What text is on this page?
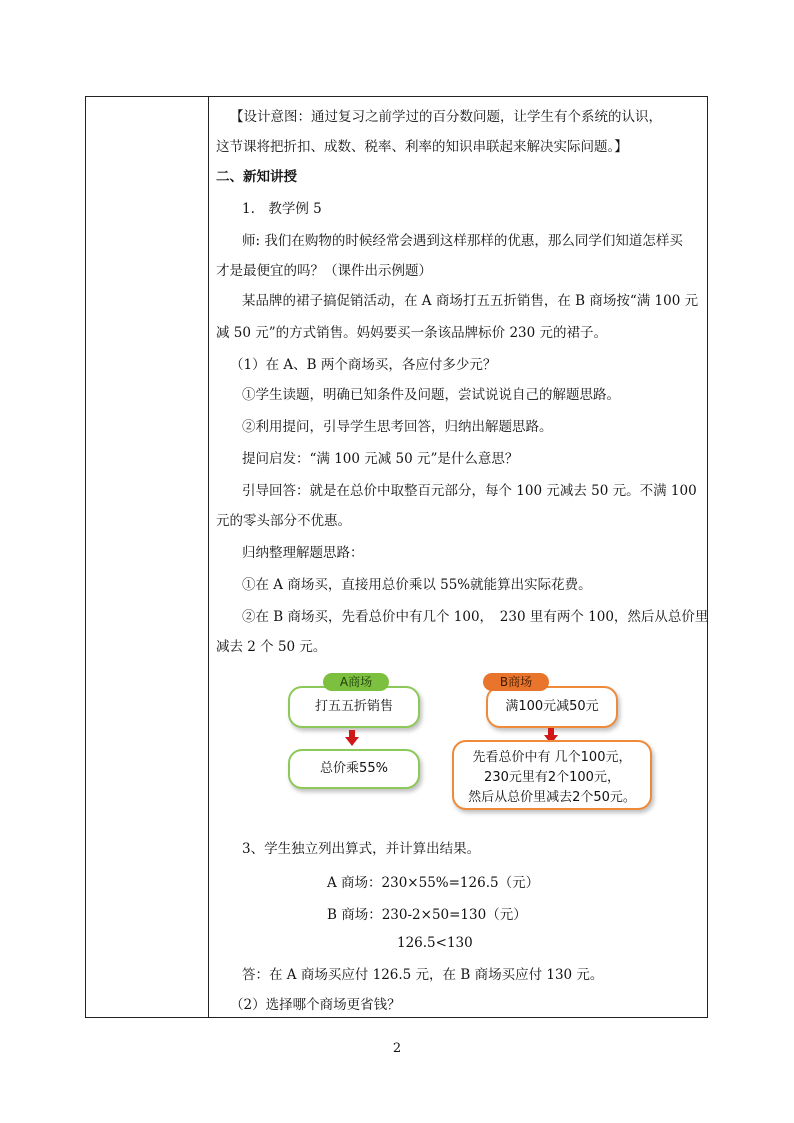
【设计意图：通过复习之前学过的百分数问题，让学生有个系统的认识，
这节课将把折扣、成数、税率、利率的知识串联起来解决实际问题。】
二、新知讲授
1.　教学例 5
师: 我们在购物的时候经常会遇到这样那样的优惠，那么同学们知道怎样买
才是最便宜的吗？（课件出示例题）
某品牌的裙子搞促销活动，在 A 商场打五五折销售，在 B 商场按“满 100 元
减 50 元”的方式销售。妈妈要买一条该品牌标价 230 元的裙子。
（1）在 A、B 两个商场买，各应付多少元？
①学生读题，明确已知条件及问题，尝试说说自己的解题思路。
②利用提问，引导学生思考回答，归纳出解题思路。
提问启发：“满 100 元减 50 元”是什么意思？
引导回答：就是在总价中取整百元部分，每个 100 元减去 50 元。不满 100
元的零头部分不优惠。
归纳整理解题思路：
①在 A 商场买，直接用总价乘以 55%就能算出实际花费。
②在 B 商场买，先看总价中有几个 100，　230 里有两个 100，然后从总价里
减去 2 个 50 元。
3、学生独立列出算式，并计算出结果。
A 商场：230×55%=126.5（元）
B 商场：230-2×50=130（元）
126.5<130
答：在 A 商场买应付 126.5 元，在 B 商场买应付 130 元。
（2）选择哪个商场更省钱？
打五五折销售
A商场
总价乘55%
满100元减50元
B商场
先看总价中有 几个100元，
230元里有2个100元，
然后从总价里减去2个50元。
2
